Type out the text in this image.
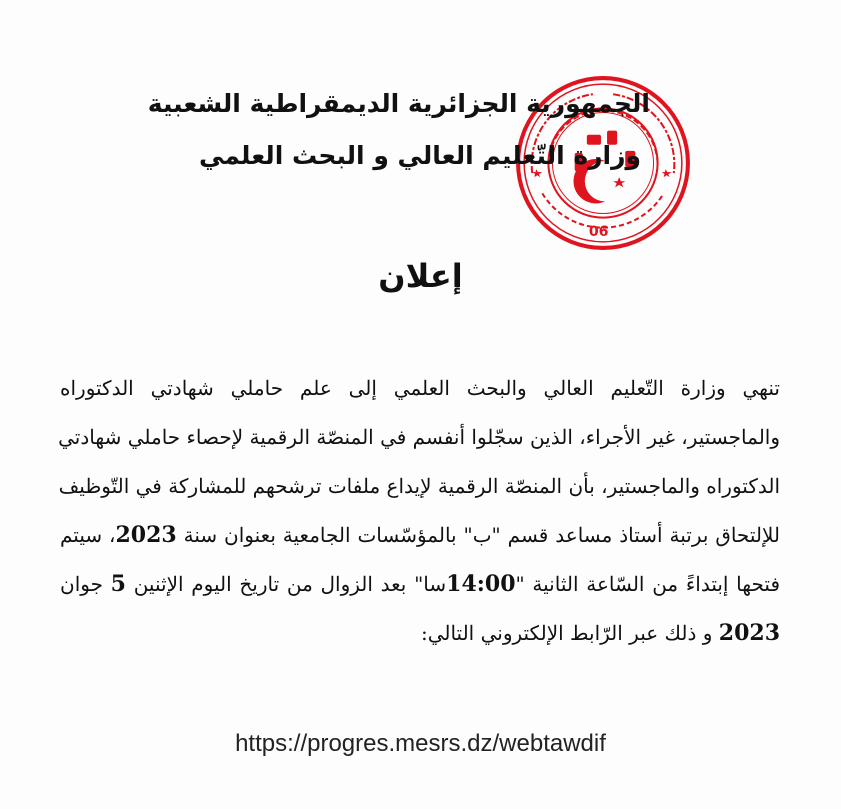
06
الجمهورية الجزائرية الديمقراطية الشعبية
وزارة التّعليم العالي و البحث العلمي
إعلان
تنهي وزارة التّعليم العالي والبحث العلمي إلى علم حاملي شهادتي الدكتوراه
والماجستير، غير الأجراء، الذين سجّلوا أنفسم في المنصّة الرقمية لإحصاء حاملي شهادتي
الدكتوراه والماجستير، بأن المنصّة الرقمية لإيداع ملفات ترشحهم للمشاركة في التّوظيف
للإلتحاق برتبة أستاذ مساعد قسم "ب" بالمؤسّسات الجامعية بعنوان سنة 2023، سيتم
فتحها إبتداءً من السّاعة الثانية "14:00سا" بعد الزوال من تاريخ اليوم الإثنين 5 جوان
2023 و ذلك عبر الرّابط الإلكتروني التالي:
https://progres.mesrs.dz/webtawdif
